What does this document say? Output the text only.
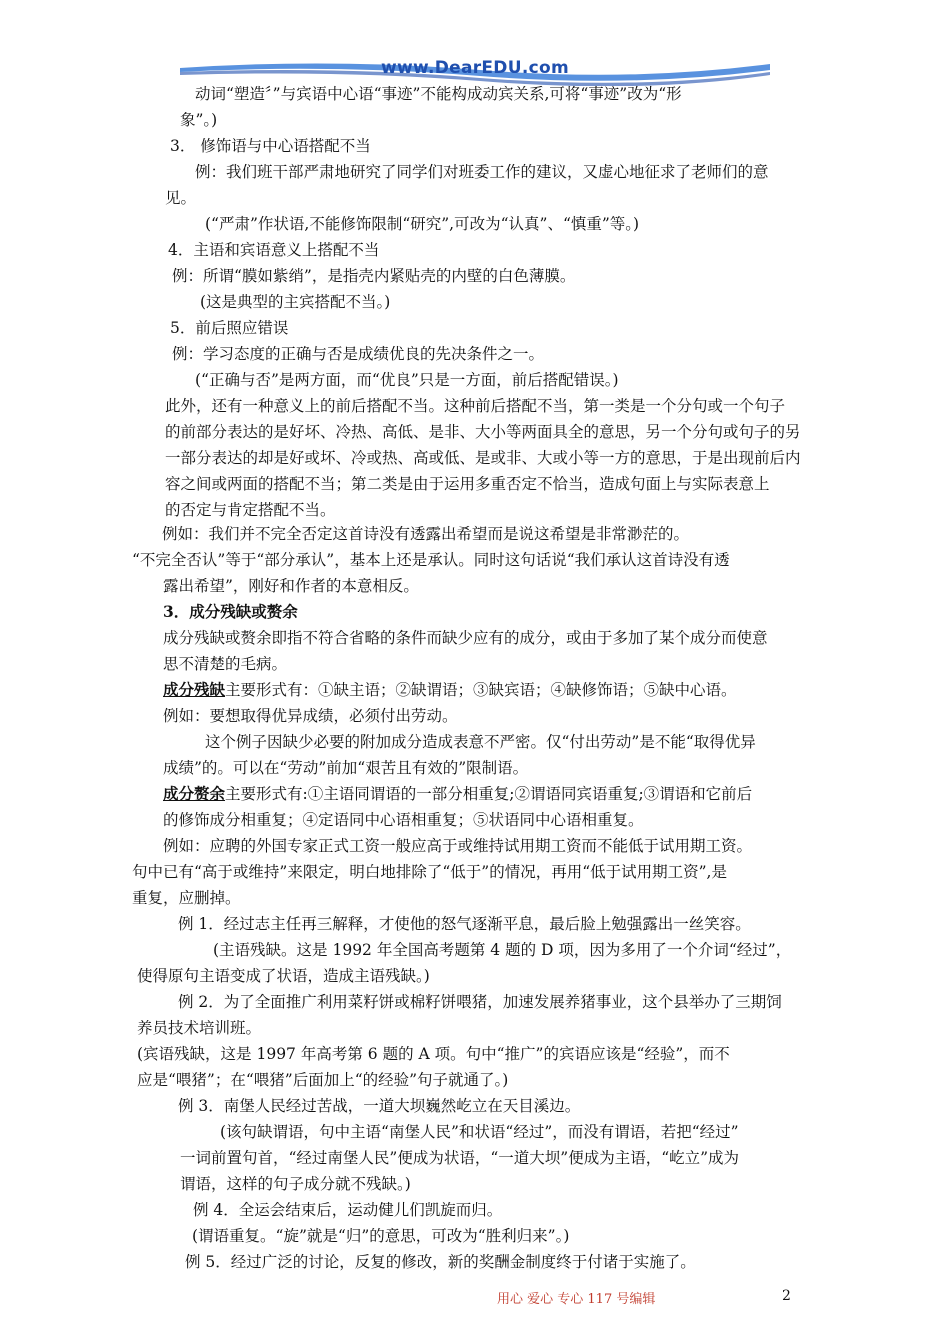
www.DearEDU.com
动词“塑造〞”与宾语中心语“事迹”不能构成动宾关系,可将“事迹”改为“形
象”。)
3． 修饰语与中心语搭配不当
例：我们班干部严肃地研究了同学们对班委工作的建议，又虚心地征求了老师们的意
见。
(“严肃”作状语,不能修饰限制“研究”,可改为“认真”、“慎重”等。)
4．主语和宾语意义上搭配不当
例：所谓“膜如紫绡”，是指壳内紧贴壳的内壁的白色薄膜。
(这是典型的主宾搭配不当。)
5．前后照应错误
例：学习态度的正确与否是成绩优良的先决条件之一。
(“正确与否”是两方面，而“优良”只是一方面，前后搭配错误。)
此外，还有一种意义上的前后搭配不当。这种前后搭配不当，第一类是一个分句或一个句子
的前部分表达的是好坏、冷热、高低、是非、大小等两面具全的意思，另一个分句或句子的另
一部分表达的却是好或坏、冷或热、高或低、是或非、大或小等一方的意思，于是出现前后内
容之间或两面的搭配不当；第二类是由于运用多重否定不恰当，造成句面上与实际表意上
的否定与肯定搭配不当。
例如：我们并不完全否定这首诗没有透露出希望而是说这希望是非常渺茫的。
“不完全否认”等于“部分承认”，基本上还是承认。同时这句话说“我们承认这首诗没有透
露出希望”，刚好和作者的本意相反。
3．成分残缺或赘余
成分残缺或赘余即指不符合省略的条件而缺少应有的成分，或由于多加了某个成分而使意
思不清楚的毛病。
成分残缺主要形式有：①缺主语；②缺谓语；③缺宾语；④缺修饰语；⑤缺中心语。
例如：要想取得优异成绩，必须付出劳动。
这个例子因缺少必要的附加成分造成表意不严密。仅“付出劳动”是不能“取得优异
成绩”的。可以在“劳动”前加“艰苦且有效的”限制语。
成分赘余主要形式有:①主语同谓语的一部分相重复;②谓语同宾语重复;③谓语和它前后
的修饰成分相重复；④定语同中心语相重复；⑤状语同中心语相重复。
例如：应聘的外国专家正式工资一般应高于或维持试用期工资而不能低于试用期工资。
句中已有“高于或维持”来限定，明白地排除了“低于”的情况，再用“低于试用期工资”,是
重复，应删掉。
例 1．经过志主任再三解释，才使他的怒气逐渐平息，最后脸上勉强露出一丝笑容。
(主语残缺。这是 1992 年全国高考题第 4 题的 D 项，因为多用了一个介词“经过”，
使得原句主语变成了状语，造成主语残缺。)
例 2．为了全面推广利用菜籽饼或棉籽饼喂猪，加速发展养猪事业，这个县举办了三期饲
养员技术培训班。
(宾语残缺，这是 1997 年高考第 6 题的 A 项。句中“推广”的宾语应该是“经验”，而不
应是“喂猪”；在“喂猪”后面加上“的经验”句子就通了。)
例 3．南堡人民经过苦战，一道大坝巍然屹立在天目溪边。
(该句缺谓语，句中主语“南堡人民”和状语“经过”，而没有谓语，若把“经过”
一词前置句首，“经过南堡人民”便成为状语，“一道大坝”便成为主语，“屹立”成为
谓语，这样的句子成分就不残缺。)
例 4．全运会结束后，运动健儿们凯旋而归。
(谓语重复。“旋”就是“归”的意思，可改为“胜利归来”。)
例 5．经过广泛的讨论，反复的修改，新的奖酬金制度终于付诸于实施了。
用心 爱心 专心 117 号编辑	2
